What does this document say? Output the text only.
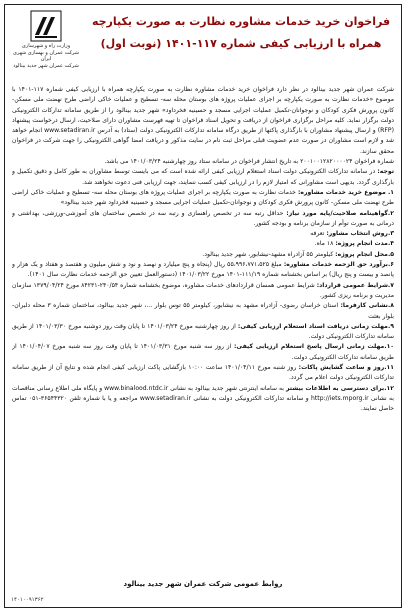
وزارت راه و شهرسازی
شرکت عمران و بهسازی شهری ایران
شرکت عمران شهر جدید بینالود
فراخوان خرید خدمات مشاوره نظارت به صورت یکپارچه
همراه با ارزیابی کیفی شماره ۱۱۷-۱۴۰۱ (نوبت اول)

شرکت عمران شهر جدید بینالود در نظر دارد فراخوان خرید خدمات مشاوره نظارت به صورت یکپارچه همراه با ارزیابی کیفی شماره ۱۱۷-۱۴۰۱ با موضوع «خدمات نظارت به صورت یکپارچه بر اجرای عملیات پروژه های بوستان محله سه- تسطیح و عملیات خاکی اراضی طرح نهضت ملی مسکن- کانون پرورش فکری کودکان و نوجوانان-تکمیل عملیات اجرایی مسجد و حسینیه فخرداود» شهر جدید بینالود را از طریق سامانه تدارکات الکترونیکی دولت برگزار نماید. کلیه مراحل برگزاری فراخوان از دریافت و تحویل اسناد فراخوان تا تهیه فهرست مشاوران دارای صلاحیت، ارسال درخواست پیشنهاد (RFP) و ارسال پیشنهاد مشاوران با بارگذاری پاکتها از طریق درگاه سامانه تدارکات الکترونیکی دولت (ستاد) به آدرس www.setadiran.ir انجام خواهد شد و لازم است مشاوران در صورت عدم عضویت قبلی مراحل ثبت نام در سایت مذکور و دریافت امضا گواهی الکترونیکی را جهت شرکت در فراخوان محقق سازند.

شماره فراخوان ۲۰۰۱۰۰۱۲۸۲۰۰۰۰۲۴ به تاریخ انتشار فراخوان در سامانه ستاد روز چهارشنبه ۱۴۰۱/۰۳/۲۴ می باشد.

توجه: در سامانه تدارکات الکترونیکی دولت اسناد استعلام ارزیابی کیفی ارائه شده است که می بایست توسط مشاوران به طور کامل و دقیق تکمیل و بارگذاری گردد. بدیهی است مشاورانی که امتیاز لازم را در ارزیابی کیفی کسب ننمایند، جهت ارزیابی فنی دعوت نخواهند شد.

۱. موضوع خرید خدمات مشاوره: خدمات نظارت به صورت یکپارچه بر اجرای عملیات پروژه های بوستان محله سه- تسطیح و عملیات خاکی اراضی طرح نهضت ملی مسکن- کانون پرورش فکری کودکان و نوجوانان-تکمیل عملیات اجرایی مسجد و حسینیه فخرداود شهر جدید بینالود»

۲.گواهینامه صلاحیت/پایه مورد نیاز: حداقل رتبه سه در تخصص راهسازی و رتبه سه در تخصص ساختمان های آموزشی-ورزشی، بهداشتی و درمانی به صورت توأم از سازمان برنامه و بودجه کشور.

۳.روش انتخاب مشاور: تعرفه

۴.مدت انجام پروژه: ۱۸ ماه.

۵.محل انجام پروژه: کیلومتر ۵۵ آزادراه مشهد-نیشابور، شهر جدید بینالود.

۶.برآورد حق الزحمه خدمات مشاوره: مبلغ ۵۵،۹۹۶،۷۷۱،۵۲۵ ریال (پنجاه و پنج میلیارد و نهصد و نود و شش میلیون و هفتصد و هفتاد و یک هزار و پانصد و بیست و پنج ریال) بر اساس بخشنامه شماره ۱۱۱/۱۹-۱۴۰۱ مورخ ۱۴۰۱/۰۳/۲۲ (دستورالعمل تعیین حق الزحمه خدمات نظارت سال ۱۴۰۱).

۷.شرایط عمومی قرارداد: شرایط عمومی همسان قراردادهای خدمات مشاوره، موضوع بخشنامه شماره ۲۴۰/۵۴-۸۴۲۳۱ مورخ ۱۳۷۹/۰۴/۲۴ سازمان مدیریت و برنامه ریزی کشور.

۸.نشانی کارفرما: استان خراسان رضوی- آزادراه مشهد به نیشابور، کیلومتر ۵۵ توس بلوار ...، شهر جدید بینالود، ساختمان شماره ۳ محله دلبران-بلوار بعثت

۹.مهلت زمانی دریافت اسناد استعلام ارزیابی کیفی: از روز چهارشنبه مورخ ۱۴۰۱/۰۳/۲۴ تا پایان وقت روز دوشنبه مورخ ۱۴۰۱/۰۳/۳۰ از طریق سامانه تدارکات الکترونیکی دولت.

۱۰.مهلت زمانی ارسال پاسخ استعلام ارزیابی کیفی: از روز سه شنبه مورخ ۱۴۰۱/۰۳/۳۱ تا پایان وقت روز سه شنبه مورخ ۱۴۰۱/۰۴/۰۷ از طریق سامانه تدارکات الکترونیکی دولت.

۱۱.روز و ساعت گشایش پاکات: روز شنبه مورخ ۱۴۰۱/۰۴/۱۱ ساعت ۱۰:۰۰ بازگشایی پاکت ارزیابی کیفی انجام شده و نتایج آن از طریق سامانه تدارکات الکترونیکی دولت اعلام می گردد.

۱۲.برای دسترسی به اطلاعات بیشتر به سامانه اینترنتی شهر جدید بینالود به نشانی www.binalood.ntdc.ir و پایگاه ملی اطلاع رسانی مناقصات به نشانی http://iets.mporg.ir و سامانه تدارکات الکترونیکی دولت به نشانی www.setadiran.ir مراجعه و یا با شماره تلفن ۳۶۵۴۴۳۲۰-۰۵۱ تماس حاصل نمایند.

روابط عمومی شرکت عمران شهر جدید بینالود
۱۴۰۱۰۰۹۱۳۶۲
